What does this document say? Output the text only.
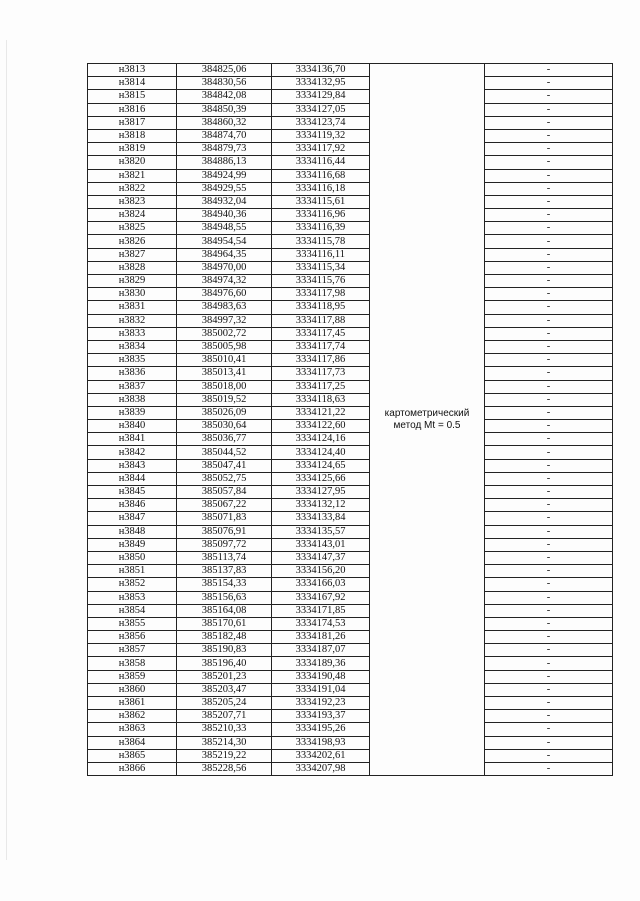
н3813	384825,06	3334136,70	картометрический метод Mt = 0.5	-
н3814	384830,56	3334132,95		-
н3815	384842,08	3334129,84		-
н3816	384850,39	3334127,05		-
н3817	384860,32	3334123,74		-
н3818	384874,70	3334119,32		-
н3819	384879,73	3334117,92		-
н3820	384886,13	3334116,44		-
н3821	384924,99	3334116,68		-
н3822	384929,55	3334116,18		-
н3823	384932,04	3334115,61		-
н3824	384940,36	3334116,96		-
н3825	384948,55	3334116,39		-
н3826	384954,54	3334115,78		-
н3827	384964,35	3334116,11		-
н3828	384970,00	3334115,34		-
н3829	384974,32	3334115,76		-
н3830	384976,60	3334117,98		-
н3831	384983,63	3334118,95		-
н3832	384997,32	3334117,88		-
н3833	385002,72	3334117,45		-
н3834	385005,98	3334117,74		-
н3835	385010,41	3334117,86		-
н3836	385013,41	3334117,73		-
н3837	385018,00	3334117,25		-
н3838	385019,52	3334118,63		-
н3839	385026,09	3334121,22		-
н3840	385030,64	3334122,60		-
н3841	385036,77	3334124,16		-
н3842	385044,52	3334124,40		-
н3843	385047,41	3334124,65		-
н3844	385052,75	3334125,66		-
н3845	385057,84	3334127,95		-
н3846	385067,22	3334132,12		-
н3847	385071,83	3334133,84		-
н3848	385076,91	3334135,57		-
н3849	385097,72	3334143,01		-
н3850	385113,74	3334147,37		-
н3851	385137,83	3334156,20		-
н3852	385154,33	3334166,03		-
н3853	385156,63	3334167,92		-
н3854	385164,08	3334171,85		-
н3855	385170,61	3334174,53		-
н3856	385182,48	3334181,26		-
н3857	385190,83	3334187,07		-
н3858	385196,40	3334189,36		-
н3859	385201,23	3334190,48		-
н3860	385203,47	3334191,04		-
н3861	385205,24	3334192,23		-
н3862	385207,71	3334193,37		-
н3863	385210,33	3334195,26		-
н3864	385214,30	3334198,93		-
н3865	385219,22	3334202,61		-
н3866	385228,56	3334207,98		-
